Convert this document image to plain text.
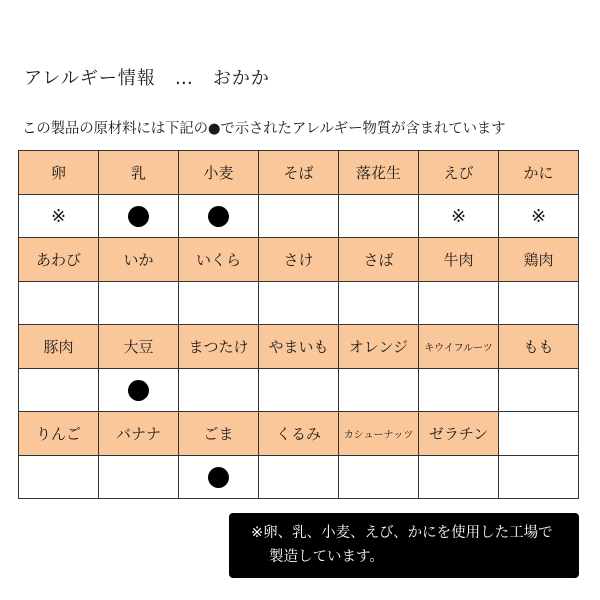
アレルギー情報　…　おかか
この製品の原材料には下記の●で示されたアレルギー物質が含まれています
卵	乳	小麦	そば	落花生	えび	かに
※					※	※
あわび	いか	いくら	さけ	さば	牛肉	鶏肉

豚肉	大豆	まつたけ	やまいも	オレンジ	キウイフルーツ	もも

りんご	バナナ	ごま	くるみ	カシューナッツ	ゼラチン	

※卵、乳、小麦、えび、かにを使用した工場で
製造しています。
